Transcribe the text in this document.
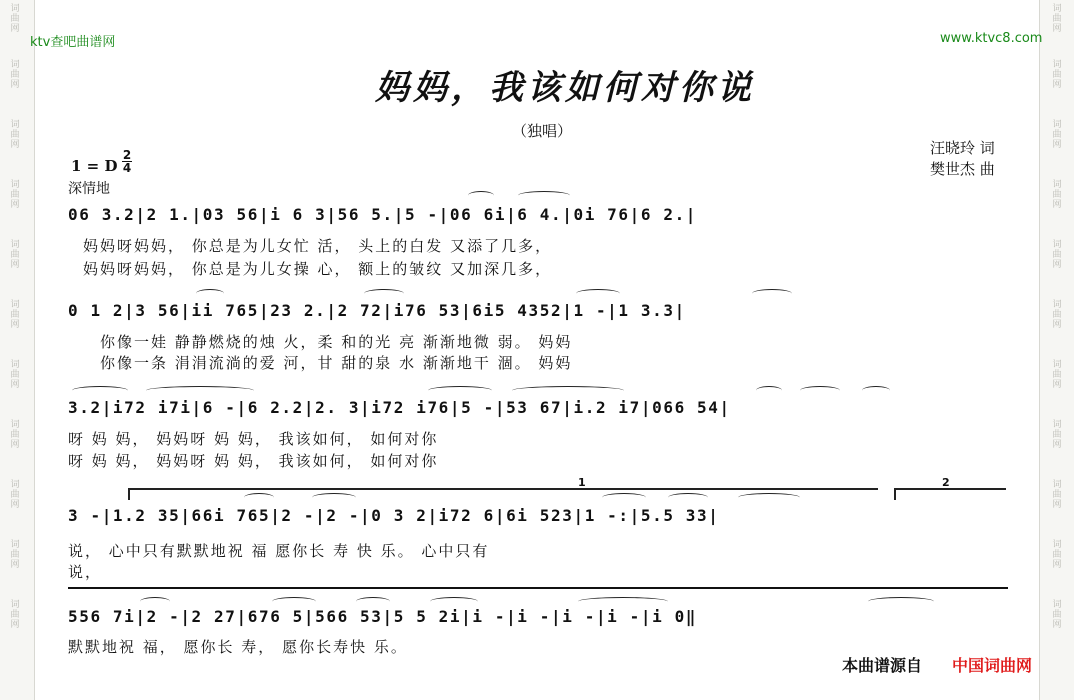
词曲网
词曲网
词曲网
词曲网
词曲网
词曲网
词曲网
词曲网
词曲网
词曲网
词曲网
词曲网
词曲网
词曲网
词曲网
词曲网
词曲网
词曲网
词曲网
词曲网
词曲网
词曲网
ktv查吧曲谱网	www.ktvc8.com
妈妈，我该如何对你说
（独唱）
汪晓玲 词
樊世杰 曲
1 = D
2
4
深情地
06 3.2|2 1.|03 56|i 6 3|56 5.|5 -|06 6i|6 4.|0i 76|6 2.|
妈妈呀妈妈， 你总是为儿女忙 活， 头上的白发 又添了几多，
妈妈呀妈妈， 你总是为儿女操 心， 额上的皱纹 又加深几多，
0 1 2|3 56|ii 765|23 2.|2 72|i76 53|6i5 4352|1 -|1 3.3|
你像一娃 静静燃烧的烛 火，柔 和的光 亮 渐渐地微 弱。 妈妈
你像一条 涓涓流淌的爱 河，甘 甜的泉 水 渐渐地干 涸。 妈妈
3.2|i72 i7i|6 -|6 2.2|2. 3|i72 i76|5 -|53 67|i.2 i7|066 54|
呀 妈 妈， 妈妈呀 妈 妈， 我该如何， 如何对你
呀 妈 妈， 妈妈呀 妈 妈， 我该如何， 如何对你
1	2
3 -|1.2 35|66i 765|2 -|2 -|0 3 2|i72 6|6i 523|1 -:|5.5 33|
说， 心中只有默默地祝 福 愿你长 寿 快 乐。 心中只有
说，
556 7i|2 -|2 27|676 5|566 53|5 5 2i|i -|i -|i -|i -|i 0‖
默默地祝 福， 愿你长 寿， 愿你长寿快 乐。
本曲谱源自 中国词曲网
